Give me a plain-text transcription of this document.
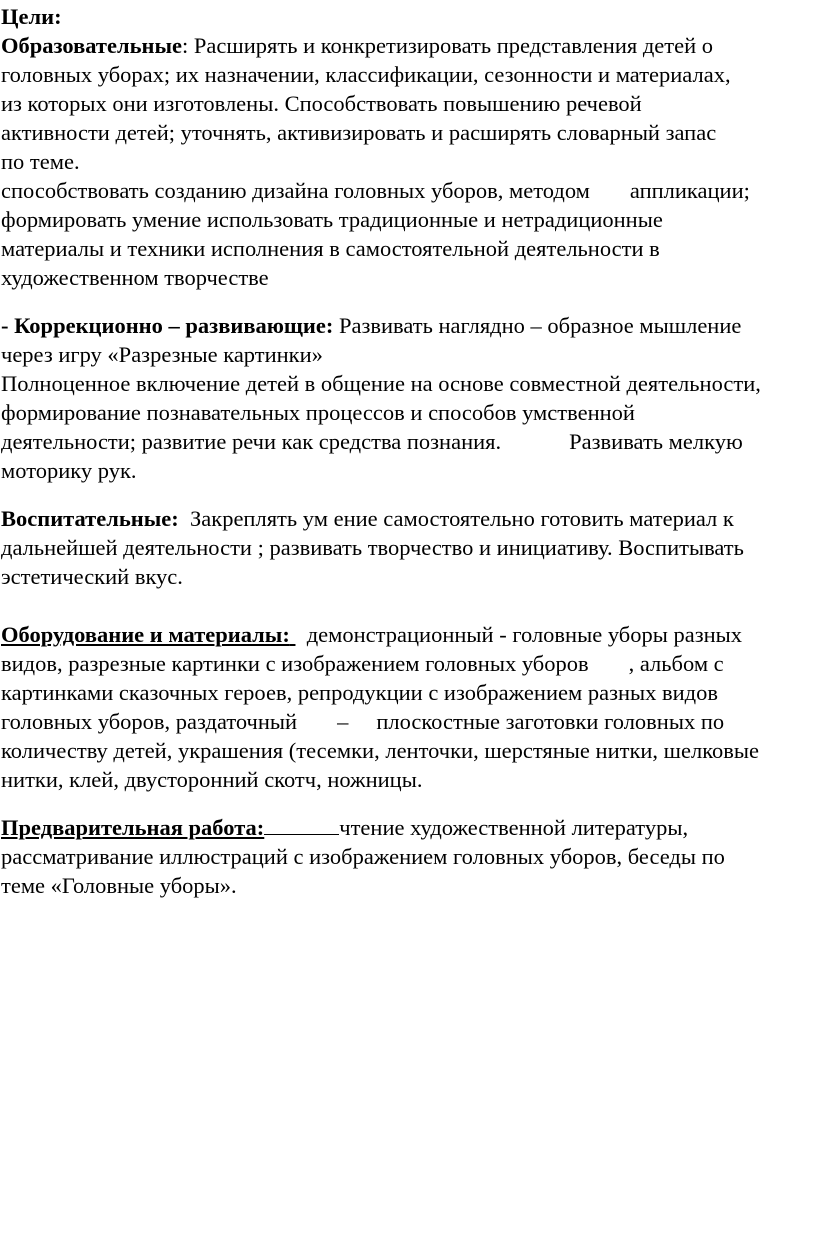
Цели:
Образовательные: Расширять и конкретизировать представления детей о
головных уборах; их назначении, классификации, сезонности и материалах,
из которых они изготовлены. Способствовать повышению речевой
активности детей; уточнять, активизировать и расширять словарный запас
по теме.
способствовать созданию дизайна головных уборов, методом аппликации;
формировать умение использовать традиционные и нетрадиционные
материалы и техники исполнения в самостоятельной деятельности в
художественном творчестве
- Коррекционно – развивающие: Развивать наглядно – образное мышление
через игру «Разрезные картинки»
Полноценное включение детей в общение на основе совместной деятельности,
формирование познавательных процессов и способов умственной
деятельности; развитие речи как средства познания.	Развивать мелкую
моторику рук.
Воспитательные: Закреплять ум ение самостоятельно готовить материал к
дальнейшей деятельности ; развивать творчество и инициативу. Воспитывать
эстетический вкус.
Оборудование и материалы: демонстрационный - головные уборы разных
видов, разрезные картинки с изображением головных уборов , альбом с
картинками сказочных героев, репродукции с изображением разных видов
головных уборов, раздаточный – плоскостные заготовки головных по
количеству детей, украшения (тесемки, ленточки, шерстяные нитки, шелковые
нитки, клей, двусторонний скотч, ножницы.
Предварительная работа:	чтение художественной литературы,
рассматривание иллюстраций с изображением головных уборов, беседы по
теме «Головные уборы».
